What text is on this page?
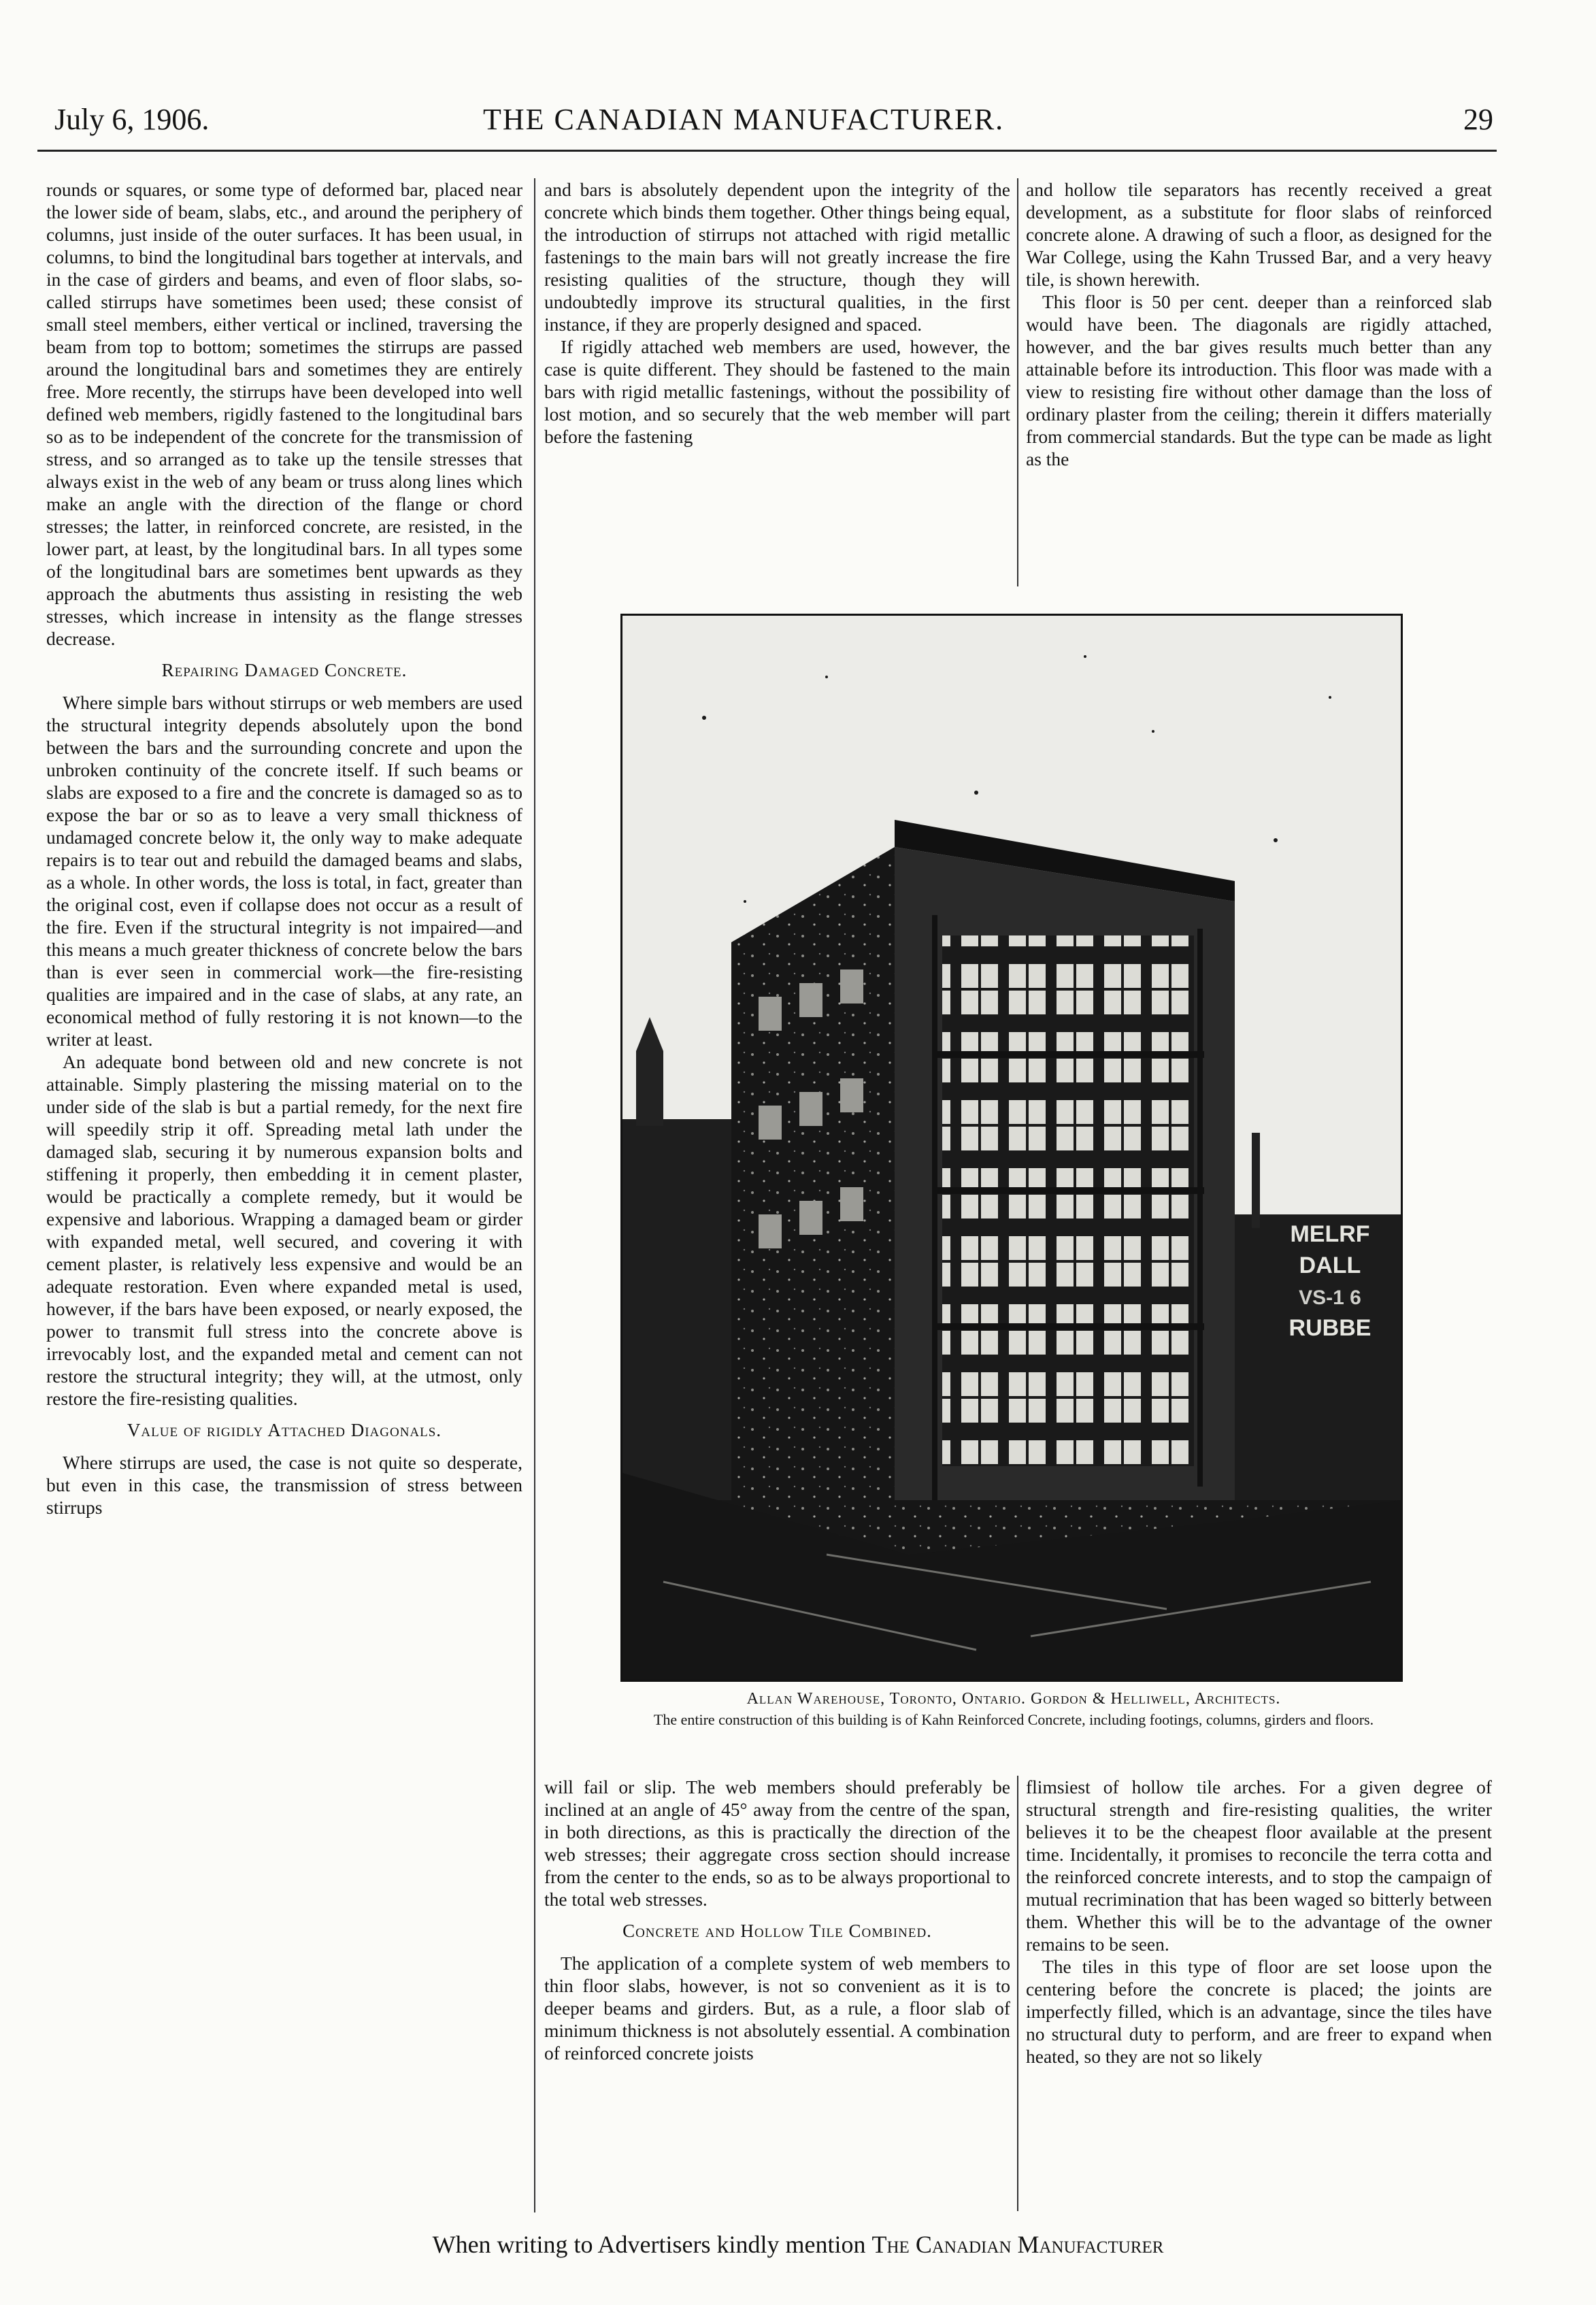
July 6, 1906.	THE CANADIAN MANUFACTURER.	29

rounds or squares, or some type of deformed bar, placed near the lower side of beam, slabs, etc., and around the periphery of columns, just inside of the outer surfaces. It has been usual, in columns, to bind the longitudinal bars together at intervals, and in the case of girders and beams, and even of floor slabs, so-called stirrups have sometimes been used; these consist of small steel members, either vertical or inclined, traversing the beam from top to bottom; sometimes the stirrups are passed around the longitudinal bars and sometimes they are entirely free. More recently, the stirrups have been developed into well defined web members, rigidly fastened to the longitudinal bars so as to be independent of the concrete for the transmission of stress, and so arranged as to take up the tensile stresses that always exist in the web of any beam or truss along lines which make an angle with the direction of the flange or chord stresses; the latter, in reinforced concrete, are resisted, in the lower part, at least, by the longitudinal bars. In all types some of the longitudinal bars are sometimes bent upwards as they approach the abutments thus assisting in resisting the web stresses, which increase in intensity as the flange stresses decrease.

Repairing Damaged Concrete.

Where simple bars without stirrups or web members are used the structural integrity depends absolutely upon the bond between the bars and the surrounding concrete and upon the unbroken continuity of the concrete itself. If such beams or slabs are exposed to a fire and the concrete is damaged so as to expose the bar or so as to leave a very small thickness of undamaged concrete below it, the only way to make adequate repairs is to tear out and rebuild the damaged beams and slabs, as a whole. In other words, the loss is total, in fact, greater than the original cost, even if collapse does not occur as a result of the fire. Even if the structural integrity is not impaired—and this means a much greater thickness of concrete below the bars than is ever seen in commercial work—the fire-resisting qualities are impaired and in the case of slabs, at any rate, an economical method of fully restoring it is not known—to the writer at least.

An adequate bond between old and new concrete is not attainable. Simply plastering the missing material on to the under side of the slab is but a partial remedy, for the next fire will speedily strip it off. Spreading metal lath under the damaged slab, securing it by numerous expansion bolts and stiffening it properly, then embedding it in cement plaster, would be practically a complete remedy, but it would be expensive and laborious. Wrapping a damaged beam or girder with expanded metal, well secured, and covering it with cement plaster, is relatively less expensive and would be an adequate restoration. Even where expanded metal is used, however, if the bars have been exposed, or nearly exposed, the power to transmit full stress into the concrete above is irrevocably lost, and the expanded metal and cement can not restore the structural integrity; they will, at the utmost, only restore the fire-resisting qualities.

Value of rigidly Attached Diagonals.

Where stirrups are used, the case is not quite so desperate, but even in this case, the transmission of stress between stirrups

and bars is absolutely dependent upon the integrity of the concrete which binds them together. Other things being equal, the introduction of stirrups not attached with rigid metallic fastenings to the main bars will not greatly increase the fire resisting qualities of the structure, though they will undoubtedly improve its structural qualities, in the first instance, if they are properly designed and spaced.

If rigidly attached web members are used, however, the case is quite different. They should be fastened to the main bars with rigid metallic fastenings, without the possibility of lost motion, and so securely that the web member will part before the fastening

and hollow tile separators has recently received a great development, as a substitute for floor slabs of reinforced concrete alone. A drawing of such a floor, as designed for the War College, using the Kahn Trussed Bar, and a very heavy tile, is shown herewith.

This floor is 50 per cent. deeper than a reinforced slab would have been. The diagonals are rigidly attached, however, and the bar gives results much better than any attainable before its introduction. This floor was made with a view to resisting fire without other damage than the loss of ordinary plaster from the ceiling; therein it differs materially from commercial standards. But the type can be made as light as the

MELRF
DALL
VS-1 6
RUBBE
Allan Warehouse, Toronto, Ontario. Gordon & Helliwell, Architects.
The entire construction of this building is of Kahn Reinforced Concrete, including footings, columns, girders and floors.

will fail or slip. The web members should preferably be inclined at an angle of 45° away from the centre of the span, in both directions, as this is practically the direction of the web stresses; their aggregate cross section should increase from the center to the ends, so as to be always proportional to the total web stresses.

Concrete and Hollow Tile Combined.

The application of a complete system of web members to thin floor slabs, however, is not so convenient as it is to deeper beams and girders. But, as a rule, a floor slab of minimum thickness is not absolutely essential. A combination of reinforced concrete joists

flimsiest of hollow tile arches. For a given degree of structural strength and fire-resisting qualities, the writer believes it to be the cheapest floor available at the present time. Incidentally, it promises to reconcile the terra cotta and the reinforced concrete interests, and to stop the campaign of mutual recrimination that has been waged so bitterly between them. Whether this will be to the advantage of the owner remains to be seen.

The tiles in this type of floor are set loose upon the centering before the concrete is placed; the joints are imperfectly filled, which is an advantage, since the tiles have no structural duty to perform, and are freer to expand when heated, so they are not so likely

When writing to Advertisers kindly mention The Canadian Manufacturer
